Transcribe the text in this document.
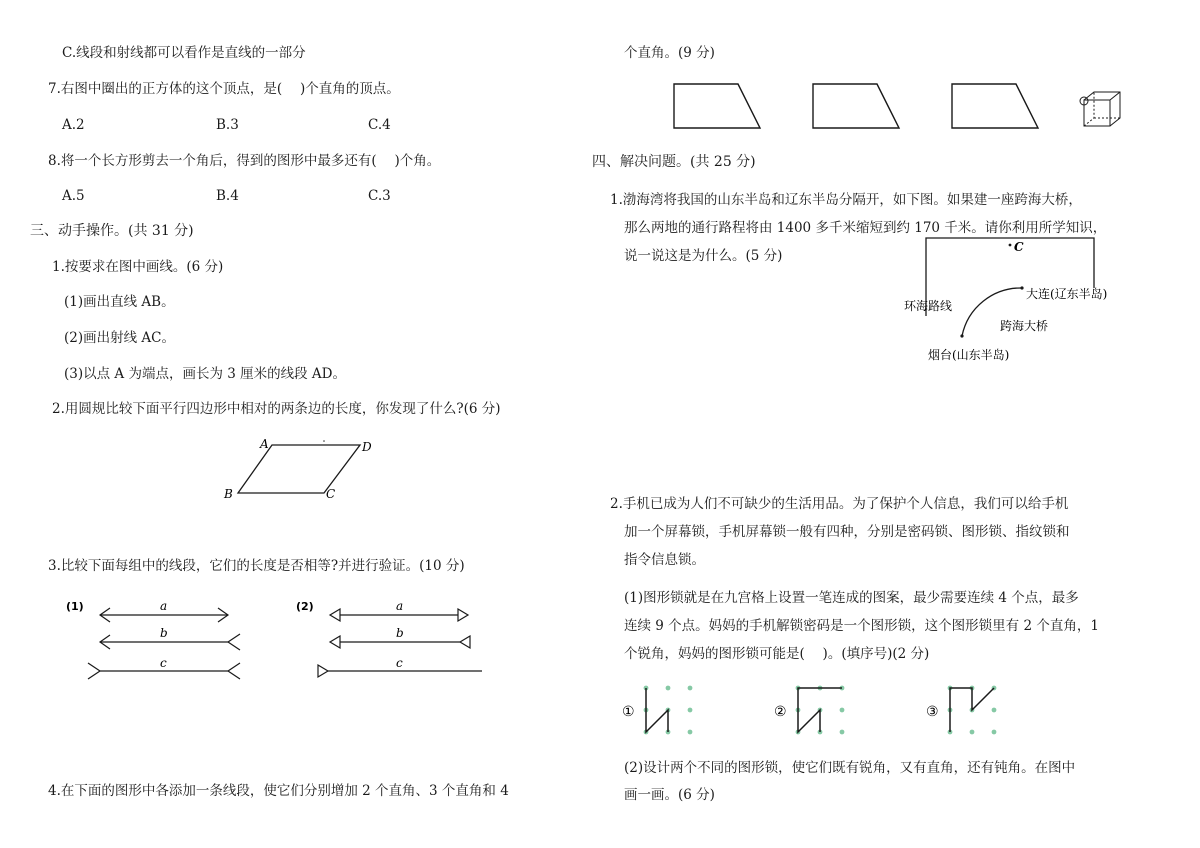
C.线段和射线都可以看作是直线的一部分
7.右图中圈出的正方体的这个顶点，是(　 )个直角的顶点。
A.2	B.3	C.4
8.将一个长方形剪去一个角后，得到的图形中最多还有(　 )个角。
A.5	B.4	C.3
三、动手操作。(共 31 分)
1.按要求在图中画线。(6 分)
(1)画出直线 AB。
(2)画出射线 AC。
(3)以点 A 为端点，画长为 3 厘米的线段 AD。
2.用圆规比较下面平行四边形中相对的两条边的长度，你发现了什么?(6 分)
A	D
B	C
3.比较下面每组中的线段，它们的长度是否相等?并进行验证。(10 分)
(1)	a
b
c
(2)	a
b
c
4.在下面的图形中各添加一条线段，使它们分别增加 2 个直角、3 个直角和 4
个直角。(9 分)
四、解决问题。(共 25 分)
1.渤海湾将我国的山东半岛和辽东半岛分隔开，如下图。如果建一座跨海大桥，
那么两地的通行路程将由 1400 多千米缩短到约 170 千米。请你利用所学知识，
说一说这是为什么。(5 分)
C
大连(辽东半岛)
环海路线
跨海大桥
烟台(山东半岛)
2.手机已成为人们不可缺少的生活用品。为了保护个人信息，我们可以给手机
加一个屏幕锁，手机屏幕锁一般有四种，分别是密码锁、图形锁、指纹锁和
指令信息锁。
(1)图形锁就是在九宫格上设置一笔连成的图案，最少需要连续 4 个点，最多
连续 9 个点。妈妈的手机解锁密码是一个图形锁，这个图形锁里有 2 个直角，1
个锐角，妈妈的图形锁可能是(　 )。(填序号)(2 分)
①	②	③
(2)设计两个不同的图形锁，使它们既有锐角，又有直角，还有钝角。在图中
画一画。(6 分)
